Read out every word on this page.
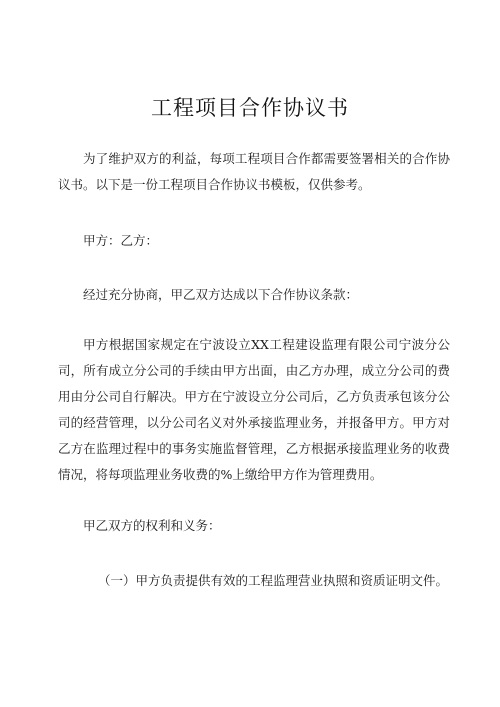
工程项目合作协议书

为了维护双方的利益，每项工程项目合作都需要签署相关的合作协议书。以下是一份工程项目合作协议书模板，仅供参考。

甲方：乙方：

经过充分协商，甲乙双方达成以下合作协议条款：

甲方根据国家规定在宁波设立XX工程建设监理有限公司宁波分公司，所有成立分公司的手续由甲方出面，由乙方办理，成立分公司的费用由分公司自行解决。甲方在宁波设立分公司后，乙方负责承包该分公司的经营管理，以分公司名义对外承接监理业务，并报备甲方。甲方对乙方在监理过程中的事务实施监督管理，乙方根据承接监理业务的收费情况，将每项监理业务收费的%上缴给甲方作为管理费用。

甲乙双方的权利和义务：

（一）甲方负责提供有效的工程监理营业执照和资质证明文件。
